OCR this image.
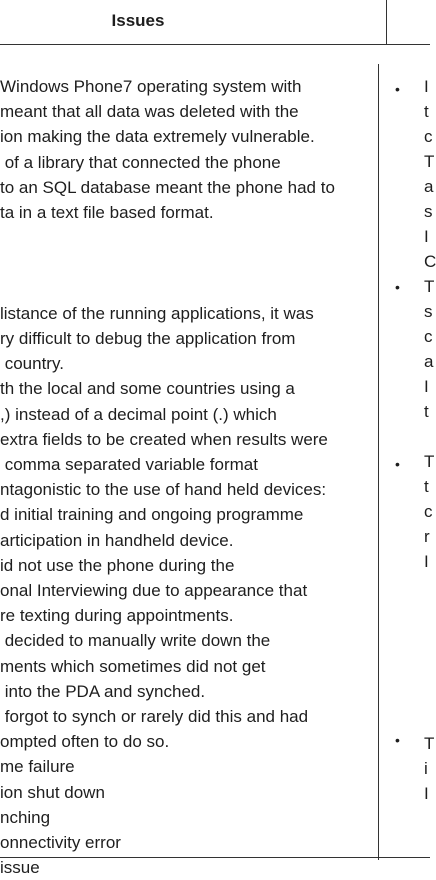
Issues
Windows Phone7 operating system with
meant that all data was deleted with the
ion making the data extremely vulnerable.
of a library that connected the phone
to an SQL database meant the phone had to
ta in a text file based format.
listance of the running applications, it was
ry difficult to debug the application from
country.
th the local and some countries using a
,) instead of a decimal point (.) which
extra fields to be created when results were
comma separated variable format
ntagonistic to the use of hand held devices:
d initial training and ongoing programme
articipation in handheld device.
id not use the phone during the
onal Interviewing due to appearance that
re texting during appointments.
decided to manually write down the
ments which sometimes did not get
into the PDA and synched.
forgot to synch or rarely did this and had
ompted often to do so.
me failure
ion shut down
nching
onnectivity error
issue
•
•
•
•
I
t
c
T
a
s
I
C
T
s
c
a
I
t
T
t
c
r
I
T
i
I
